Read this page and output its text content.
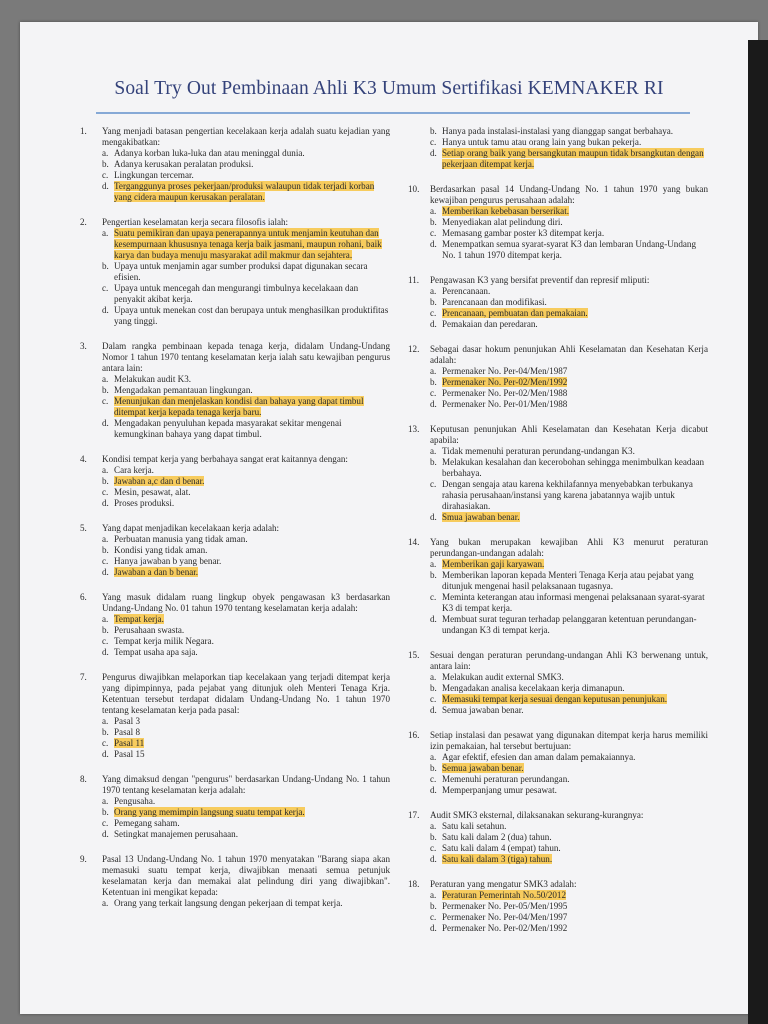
Soal Try Out Pembinaan Ahli K3 Umum Sertifikasi KEMNAKER RI
1. Yang menjadi batasan pengertian kecelakaan kerja adalah suatu kejadian yang mengakibatkan:
a. Adanya korban luka-luka dan atau meninggal dunia.
b. Adanya kerusakan peralatan produksi.
c. Lingkungan tercemar.
d. Terganggunya proses pekerjaan/produksi walaupun tidak terjadi korban yang cidera maupun kerusakan peralatan.
2. Pengertian keselamatan kerja secara filosofis ialah:
a. Suatu pemikiran dan upaya penerapannya untuk menjamin keutuhan dan kesempurnaan khususnya tenaga kerja baik jasmani, maupun rohani, baik karya dan budaya menuju masyarakat adil makmur dan sejahtera.
b. Upaya untuk menjamin agar sumber produksi dapat digunakan secara efisien.
c. Upaya untuk mencegah dan mengurangi timbulnya kecelakaan dan penyakit akibat kerja.
d. Upaya untuk menekan cost dan berupaya untuk menghasilkan produktifitas yang tinggi.
3. Dalam rangka pembinaan kepada tenaga kerja, didalam Undang-Undang Nomor 1 tahun 1970 tentang keselamatan kerja ialah satu kewajiban pengurus antara lain:
a. Melakukan audit K3.
b. Mengadakan pemantauan lingkungan.
c. Menunjukan dan menjelaskan kondisi dan bahaya yang dapat timbul ditempat kerja kepada tenaga kerja baru.
d. Mengadakan penyuluhan kepada masyarakat sekitar mengenai kemungkinan bahaya yang dapat timbul.
4. Kondisi tempat kerja yang berbahaya sangat erat kaitannya dengan:
a. Cara kerja.
b. Jawaban a,c dan d benar.
c. Mesin, pesawat, alat.
d. Proses produksi.
5. Yang dapat menjadikan kecelakaan kerja adalah:
a. Perbuatan manusia yang tidak aman.
b. Kondisi yang tidak aman.
c. Hanya jawaban b yang benar.
d. Jawaban a dan b benar.
6. Yang masuk didalam ruang lingkup obyek pengawasan k3 berdasarkan Undang-Undang No. 01 tahun 1970 tentang keselamatan kerja adalah:
a. Tempat kerja.
b. Perusahaan swasta.
c. Tempat kerja milik Negara.
d. Tempat usaha apa saja.
7. Pengurus diwajibkan melaporkan tiap kecelakaan yang terjadi ditempat kerja yang dipimpinnya, pada pejabat yang ditunjuk oleh Menteri Tenaga Krja. Ketentuan tersebut terdapat didalam Undang-Undang No. 1 tahun 1970 tentang keselamatan kerja pada pasal:
a. Pasal 3
b. Pasal 8
c. Pasal 11
d. Pasal 15
8. Yang dimaksud dengan "pengurus" berdasarkan Undang-Undang No. 1 tahun 1970 tentang keselamatan kerja adalah:
a. Pengusaha.
b. Orang yang memimpin langsung suatu tempat kerja.
c. Pemegang saham.
d. Setingkat manajemen perusahaan.
9. Pasal 13 Undang-Undang No. 1 tahun 1970 menyatakan "Barang siapa akan memasuki suatu tempat kerja, diwajibkan menaati semua petunjuk keselamatan kerja dan memakai alat pelindung diri yang diwajibkan". Ketentuan ini mengikat kepada:
a. Orang yang terkait langsung dengan pekerjaan di tempat kerja.
b. Hanya pada instalasi-instalasi yang dianggap sangat berbahaya.
c. Hanya untuk tamu atau orang lain yang bukan pekerja.
d. Setiap orang baik yang bersangkutan maupun tidak brsangkutan dengan pekerjaan ditempat kerja.
10. Berdasarkan pasal 14 Undang-Undang No. 1 tahun 1970 yang bukan kewajiban pengurus perusahaan adalah:
a. Memberikan kebebasan berserikat.
b. Menyediakan alat pelindung diri.
c. Memasang gambar poster k3 ditempat kerja.
d. Menempatkan semua syarat-syarat K3 dan lembaran Undang-Undang No. 1 tahun 1970 ditempat kerja.
11. Pengawasan K3 yang bersifat preventif dan represif mliputi:
a. Perencanaan.
b. Parencanaan dan modifikasi.
c. Prencanaan, pembuatan dan pemakaian.
d. Pemakaian dan peredaran.
12. Sebagai dasar hokum penunjukan Ahli Keselamatan dan Kesehatan Kerja adalah:
a. Permenaker No. Per-04/Men/1987
b. Permenaker No. Per-02/Men/1992
c. Permenaker No. Per-02/Men/1988
d. Permenaker No. Per-01/Men/1988
13. Keputusan penunjukan Ahli Keselamatan dan Kesehatan Kerja dicabut apabila:
a. Tidak memenuhi peraturan perundang-undangan K3.
b. Melakukan kesalahan dan kecerobohan sehingga menimbulkan keadaan berbahaya.
c. Dengan sengaja atau karena kekhilafannya menyebabkan terbukanya rahasia perusahaan/instansi yang karena jabatannya wajib untuk dirahasiakan.
d. Smua jawaban benar.
14. Yang bukan merupakan kewajiban Ahli K3 menurut peraturan perundangan-undangan adalah:
a. Memberikan gaji karyawan.
b. Memberikan laporan kepada Menteri Tenaga Kerja atau pejabat yang ditunjuk mengenai hasil pelaksanaan tugasnya.
c. Meminta keterangan atau informasi mengenai pelaksanaan syarat-syarat K3 di tempat kerja.
d. Membuat surat teguran terhadap pelanggaran ketentuan perundangan-undangan K3 di tempat kerja.
15. Sesuai dengan peraturan perundang-undangan Ahli K3 berwenang untuk, antara lain:
a. Melakukan audit external SMK3.
b. Mengadakan analisa kecelakaan kerja dimanapun.
c. Memasuki tempat kerja sesuai dengan keputusan penunjukan.
d. Semua jawaban benar.
16. Setiap instalasi dan pesawat yang digunakan ditempat kerja harus memiliki izin pemakaian, hal tersebut bertujuan:
a. Agar efektif, efesien dan aman dalam pemakaiannya.
b. Semua jawaban benar.
c. Memenuhi peraturan perundangan.
d. Memperpanjang umur pesawat.
17. Audit SMK3 eksternal, dilaksanakan sekurang-kurangnya:
a. Satu kali setahun.
b. Satu kali dalam 2 (dua) tahun.
c. Satu kali dalam 4 (empat) tahun.
d. Satu kali dalam 3 (tiga) tahun.
18. Peraturan yang mengatur SMK3 adalah:
a. Peraturan Pemerintah No.50/2012
b. Permenaker No. Per-05/Men/1995
c. Permenaker No. Per-04/Men/1997
d. Permenaker No. Per-02/Men/1992
